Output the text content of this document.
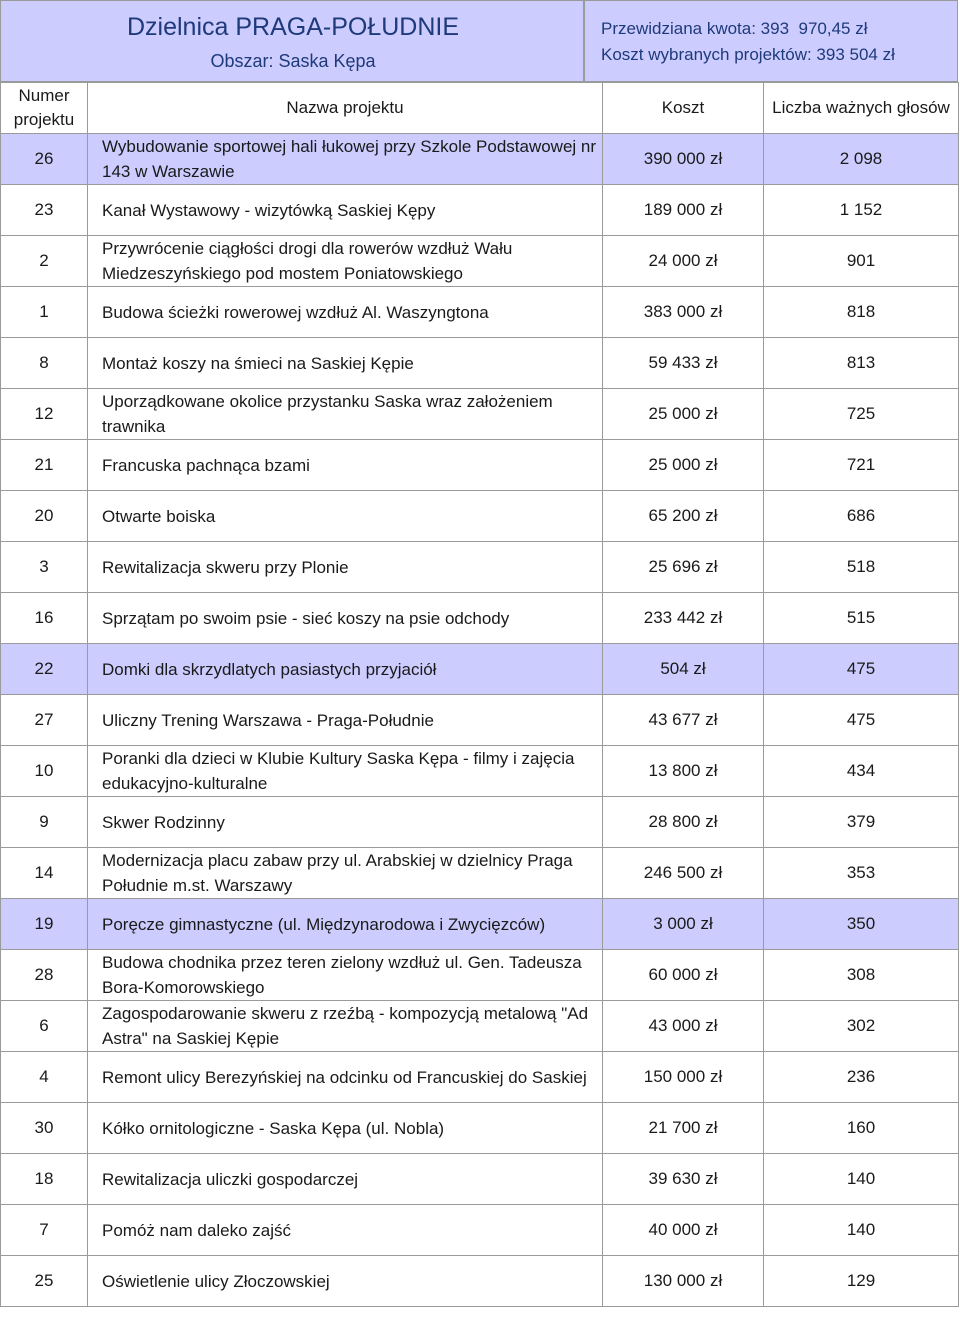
Dzielnica PRAGA-POŁUDNIE
Obszar: Saska Kępa
Przewidziana kwota: 393  970,45 zł
Koszt wybranych projektów: 393 504 zł
Numer projektu	Nazwa projektu	Koszt	Liczba ważnych głosów
26	Wybudowanie sportowej hali łukowej przy Szkole Podstawowej nr 143 w Warszawie	390 000 zł	2 098
23	Kanał Wystawowy - wizytówką Saskiej Kępy	189 000 zł	1 152
2	Przywrócenie ciągłości drogi dla rowerów wzdłuż Wału Miedzeszyńskiego pod mostem Poniatowskiego	24 000 zł	901
1	Budowa ścieżki rowerowej wzdłuż Al. Waszyngtona	383 000 zł	818
8	Montaż koszy na śmieci na Saskiej Kępie	59 433 zł	813
12	Uporządkowane okolice przystanku Saska wraz założeniem trawnika	25 000 zł	725
21	Francuska pachnąca bzami	25 000 zł	721
20	Otwarte boiska	65 200 zł	686
3	Rewitalizacja skweru przy Plonie	25 696 zł	518
16	Sprzątam po swoim psie - sieć koszy na psie odchody	233 442 zł	515
22	Domki dla skrzydlatych pasiastych przyjaciół	504 zł	475
27	Uliczny Trening Warszawa - Praga-Południe	43 677 zł	475
10	Poranki dla dzieci w Klubie Kultury Saska Kępa - filmy i zajęcia edukacyjno-kulturalne	13 800 zł	434
9	Skwer Rodzinny	28 800 zł	379
14	Modernizacja placu zabaw przy ul. Arabskiej w dzielnicy Praga Południe m.st. Warszawy	246 500 zł	353
19	Poręcze gimnastyczne (ul. Międzynarodowa i Zwycięzców)	3 000 zł	350
28	Budowa chodnika przez teren zielony wzdłuż ul. Gen. Tadeusza Bora-Komorowskiego	60 000 zł	308
6	Zagospodarowanie skweru z rzeźbą - kompozycją metalową "Ad Astra" na Saskiej Kępie	43 000 zł	302
4	Remont ulicy Berezyńskiej na odcinku od Francuskiej do Saskiej	150 000 zł	236
30	Kółko ornitologiczne - Saska Kępa (ul. Nobla)	21 700 zł	160
18	Rewitalizacja uliczki gospodarczej	39 630 zł	140
7	Pomóż nam daleko zajść	40 000 zł	140
25	Oświetlenie ulicy Złoczowskiej	130 000 zł	129
